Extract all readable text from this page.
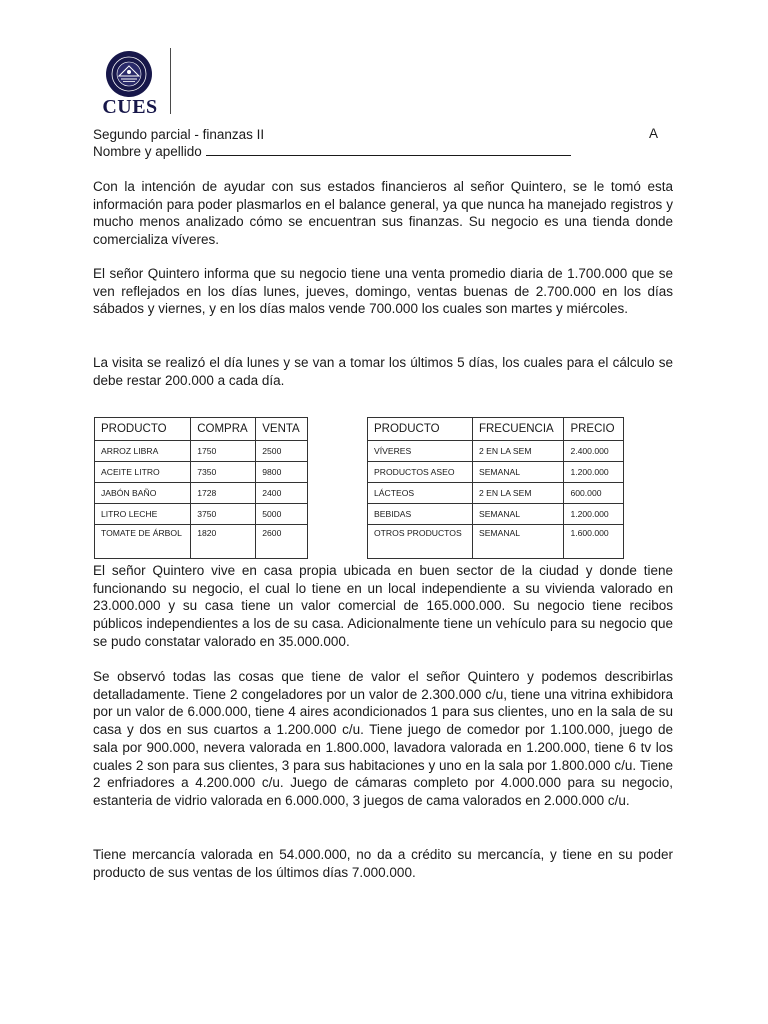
CUES
Segundo parcial - finanzas II	A
Nombre y apellido

Con la intención de ayudar con sus estados financieros al señor Quintero, se le tomó esta información para poder plasmarlos en el balance general, ya que nunca ha manejado registros y mucho menos analizado cómo se encuentran sus finanzas. Su negocio es una tienda donde comercializa víveres.

El señor Quintero informa que su negocio tiene una venta promedio diaria de 1.700.000 que se ven reflejados en los días lunes, jueves, domingo, ventas buenas de 2.700.000 en los días sábados y viernes, y en los días malos vende 700.000 los cuales son martes y miércoles.

La visita se realizó el día lunes y se van a tomar los últimos 5 días, los cuales para el cálculo se debe restar 200.000 a cada día.

PRODUCTO	COMPRA	VENTA
ARROZ LIBRA	1750	2500
ACEITE LITRO	7350	9800
JABÓN BAÑO	1728	2400
LITRO LECHE	3750	5000
TOMATE DE ÁRBOL	1820	2600
PRODUCTO	FRECUENCIA	PRECIO
VÍVERES	2 EN LA SEM	2.400.000
PRODUCTOS ASEO	SEMANAL	1.200.000
LÁCTEOS	2 EN LA SEM	600.000
BEBIDAS	SEMANAL	1.200.000
OTROS PRODUCTOS	SEMANAL	1.600.000

El señor Quintero vive en casa propia ubicada en buen sector de la ciudad y donde tiene funcionando su negocio, el cual lo tiene en un local independiente a su vivienda valorado en 23.000.000 y su casa tiene un valor comercial de 165.000.000. Su negocio tiene recibos públicos independientes a los de su casa. Adicionalmente tiene un vehículo para su negocio que se pudo constatar valorado en 35.000.000.

Se observó todas las cosas que tiene de valor el señor Quintero y podemos describirlas detalladamente. Tiene 2 congeladores por un valor de 2.300.000 c/u, tiene una vitrina exhibidora por un valor de 6.000.000, tiene 4 aires acondicionados 1 para sus clientes, uno en la sala de su casa y dos en sus cuartos a 1.200.000 c/u. Tiene juego de comedor por 1.100.000, juego de sala por 900.000, nevera valorada en 1.800.000, lavadora valorada en 1.200.000, tiene 6 tv los cuales 2 son para sus clientes, 3 para sus habitaciones y uno en la sala por 1.800.000 c/u. Tiene 2 enfriadores a 4.200.000 c/u. Juego de cámaras completo por 4.000.000 para su negocio, estanteria de vidrio valorada en 6.000.000, 3 juegos de cama valorados en 2.000.000 c/u.

Tiene mercancía valorada en 54.000.000, no da a crédito su mercancía, y tiene en su poder producto de sus ventas de los últimos días 7.000.000.
